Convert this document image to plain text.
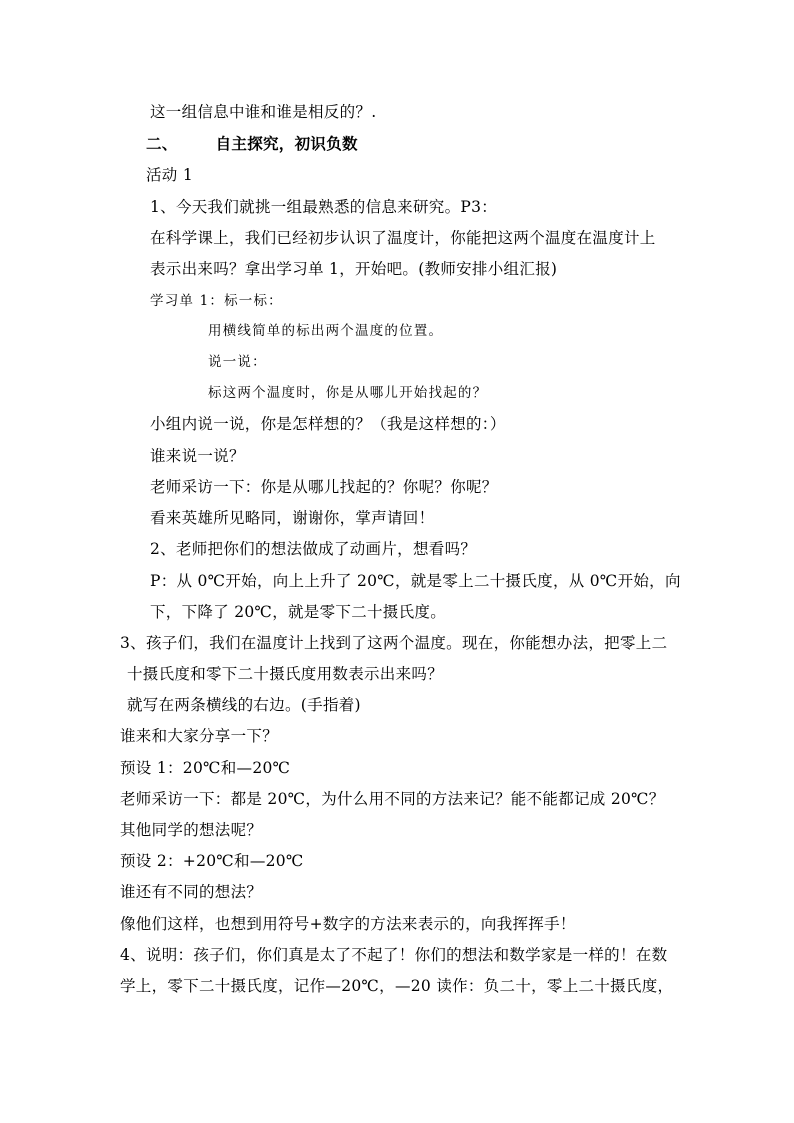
这一组信息中谁和谁是相反的？.
二、 自主探究，初识负数
活动 1
1、今天我们就挑一组最熟悉的信息来研究。P3：
在科学课上，我们已经初步认识了温度计，你能把这两个温度在温度计上
表示出来吗？拿出学习单 1，开始吧。(教师安排小组汇报)
学习单 1：标一标：
用横线简单的标出两个温度的位置。
说一说：
标这两个温度时，你是从哪儿开始找起的？
小组内说一说，你是怎样想的？（我是这样想的：）
谁来说一说？
老师采访一下：你是从哪儿找起的？你呢？你呢？
看来英雄所见略同，谢谢你，掌声请回！
2、老师把你们的想法做成了动画片，想看吗？
P：从 0℃开始，向上上升了 20℃，就是零上二十摄氏度，从 0℃开始，向
下，下降了 20℃，就是零下二十摄氏度。
3、孩子们，我们在温度计上找到了这两个温度。现在，你能想办法，把零上二
十摄氏度和零下二十摄氏度用数表示出来吗？
就写在两条横线的右边。(手指着)
谁来和大家分享一下？
预设 1：20℃和—20℃
老师采访一下：都是 20℃，为什么用不同的方法来记？能不能都记成 20℃？
其他同学的想法呢？
预设 2：+20℃和—20℃
谁还有不同的想法？
像他们这样，也想到用符号+数字的方法来表示的，向我挥挥手！
4、说明：孩子们，你们真是太了不起了！你们的想法和数学家是一样的！在数
学上，零下二十摄氏度，记作—20℃，—20 读作：负二十，零上二十摄氏度，
